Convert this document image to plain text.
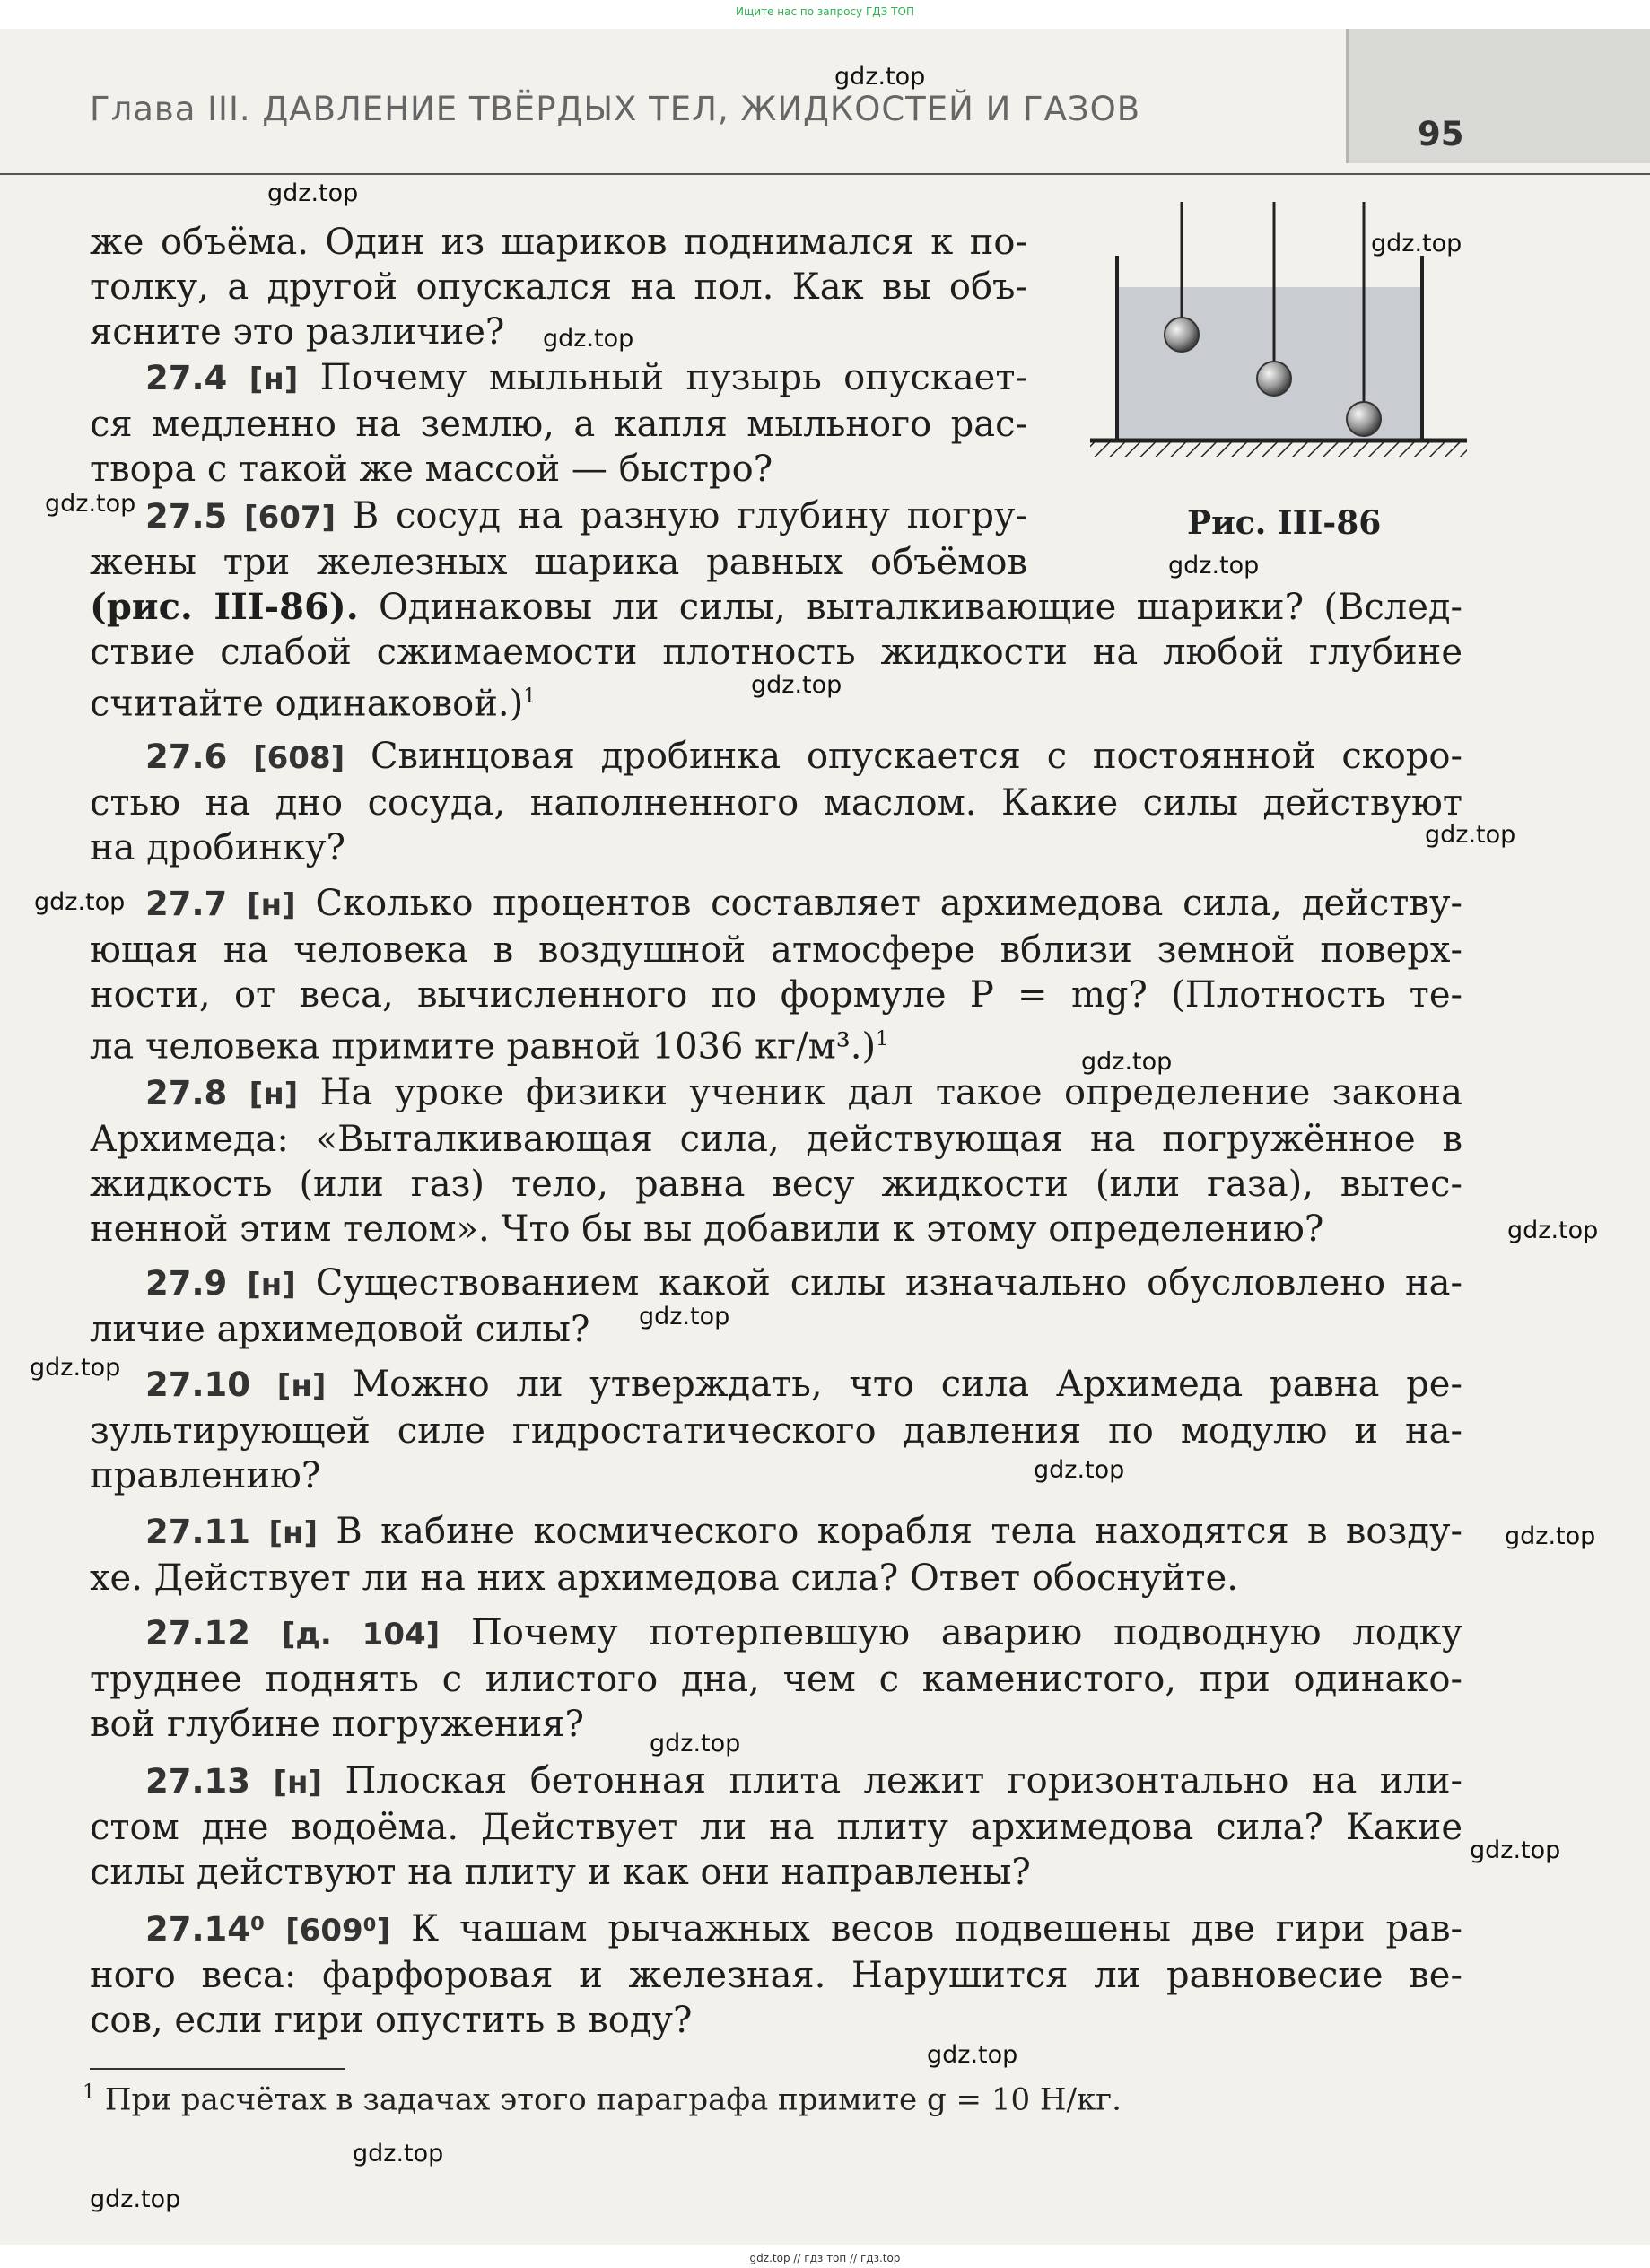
Ищите нас по запросу ГДЗ ТОП
Глава III. ДАВЛЕНИЕ ТВЁРДЫХ ТЕЛ, ЖИДКОСТЕЙ И ГАЗОВ
95
Рис. III-86
же объёма. Один из шариков поднимался к по-
толку, а другой опускался на пол. Как вы объ-
ясните это различие?
27.4 [н] Почему мыльный пузырь опускает-
ся медленно на землю, а капля мыльного рас-
твора с такой же массой — быстро?
27.5 [607] В сосуд на разную глубину погру-
жены три железных шарика равных объёмов
(рис. III-86). Одинаковы ли силы, выталкивающие шарики? (Вслед-
ствие слабой сжимаемости плотность жидкости на любой глубине
считайте одинаковой.)$^1$
27.6 [608] Свинцовая дробинка опускается с постоянной скоро-
стью на дно сосуда, наполненного маслом. Какие силы действуют
на дробинку?
27.7 [н] Сколько процентов составляет архимедова сила, действу-
ющая на человека в воздушной атмосфере вблизи земной поверх-
ности, от веса, вычисленного по формуле P = mg? (Плотность те-
ла человека примите равной 1036 кг/м³.)$^1$
27.8 [н] На уроке физики ученик дал такое определение закона
Архимеда: «Выталкивающая сила, действующая на погружённое в
жидкость (или газ) тело, равна весу жидкости (или газа), вытес-
ненной этим телом». Что бы вы добавили к этому определению?
27.9 [н] Существованием какой силы изначально обусловлено на-
личие архимедовой силы?
27.10 [н] Можно ли утверждать, что сила Архимеда равна ре-
зультирующей силе гидростатического давления по модулю и на-
правлению?
27.11 [н] В кабине космического корабля тела находятся в возду-
хе. Действует ли на них архимедова сила? Ответ обоснуйте.
27.12 [д. 104] Почему потерпевшую аварию подводную лодку
труднее поднять с илистого дна, чем с каменистого, при одинако-
вой глубине погружения?
27.13 [н] Плоская бетонная плита лежит горизонтально на или-
стом дне водоёма. Действует ли на плиту архимедова сила? Какие
силы действуют на плиту и как они направлены?
27.14⁰ [609⁰] К чашам рычажных весов подвешены две гири рав-
ного веса: фарфоровая и железная. Нарушится ли равновесие ве-
сов, если гири опустить в воду?
$^1$ При расчётах в задачах этого параграфа примите g = 10 Н/кг.
gdz.top
gdz.top
gdz.top
gdz.top
gdz.top
gdz.top
gdz.top
gdz.top
gdz.top
gdz.top
gdz.top
gdz.top
gdz.top
gdz.top
gdz.top
gdz.top
gdz.top
gdz.top
gdz.top
gdz.top
gdz.top // гдз топ // гдз.top
